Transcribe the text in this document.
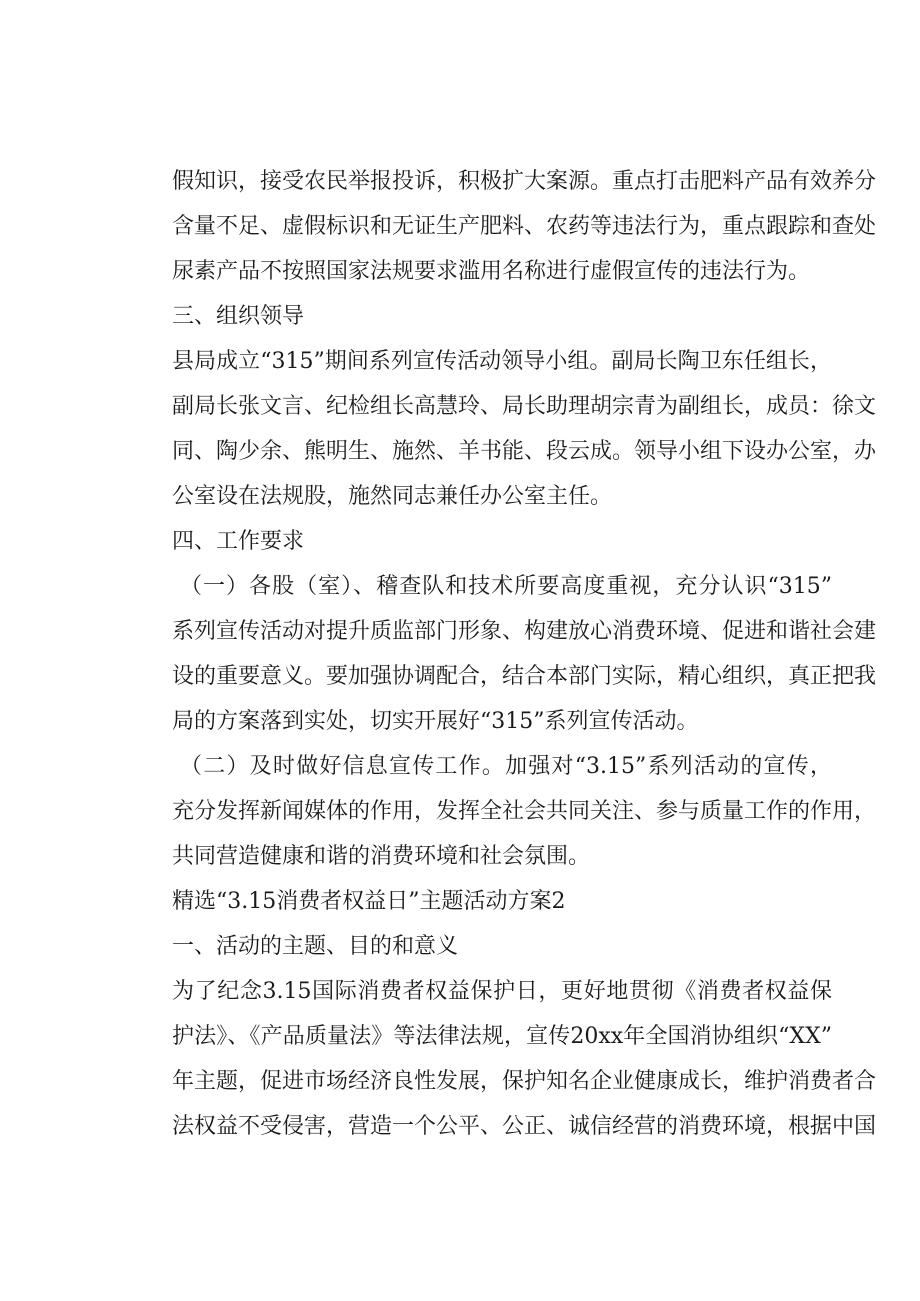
假知识，接受农民举报投诉，积极扩大案源。重点打击肥料产品有效养分
含量不足、虚假标识和无证生产肥料、农药等违法行为，重点跟踪和查处
尿素产品不按照国家法规要求滥用名称进行虚假宣传的违法行为。
三、组织领导
县局成立“315”期间系列宣传活动领导小组。副局长陶卫东任组长，
副局长张文言、纪检组长高慧玲、局长助理胡宗青为副组长，成员：徐文
同、陶少余、熊明生、施然、羊书能、段云成。领导小组下设办公室，办
公室设在法规股，施然同志兼任办公室主任。
四、工作要求
（一）各股（室）、稽查队和技术所要高度重视，充分认识“315”
系列宣传活动对提升质监部门形象、构建放心消费环境、促进和谐社会建
设的重要意义。要加强协调配合，结合本部门实际，精心组织，真正把我
局的方案落到实处，切实开展好“315”系列宣传活动。
（二）及时做好信息宣传工作。加强对“3.15”系列活动的宣传，
充分发挥新闻媒体的作用，发挥全社会共同关注、参与质量工作的作用，
共同营造健康和谐的消费环境和社会氛围。
精选“3.15消费者权益日”主题活动方案2
一、活动的主题、目的和意义
为了纪念3.15国际消费者权益保护日，更好地贯彻《消费者权益保
护法》、《产品质量法》等法律法规，宣传20xx年全国消协组织“XX”
年主题，促进市场经济良性发展，保护知名企业健康成长，维护消费者合
法权益不受侵害，营造一个公平、公正、诚信经营的消费环境，根据中国
